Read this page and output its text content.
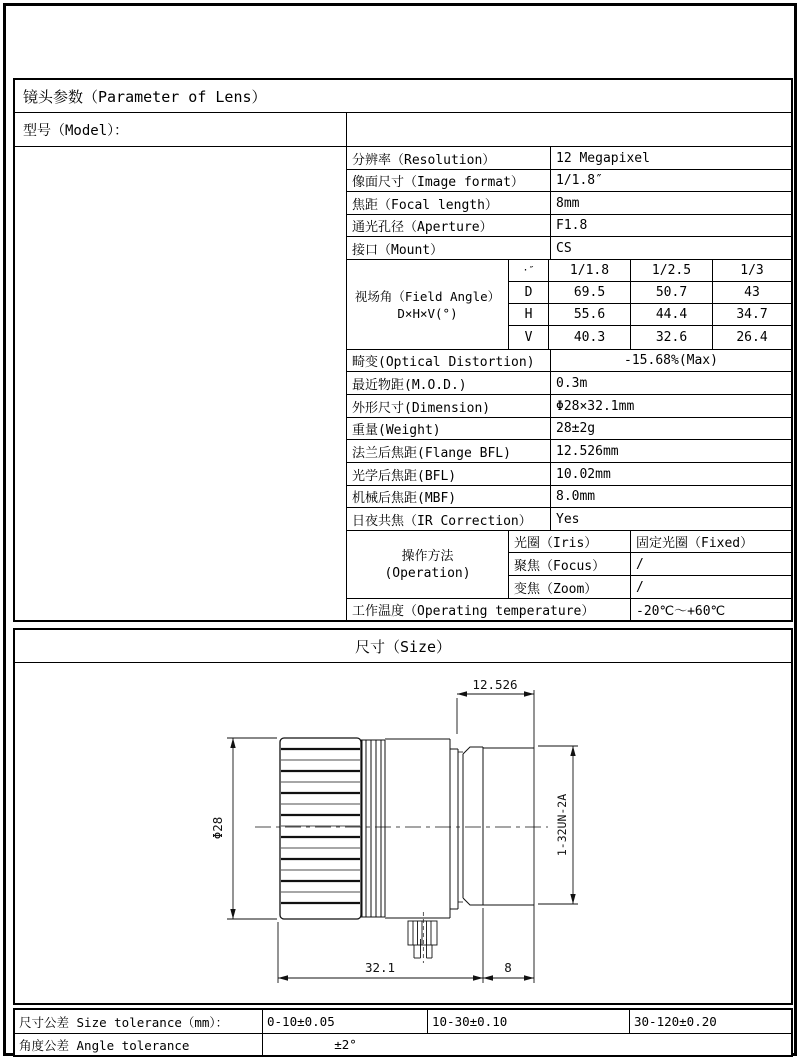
镜头参数（Parameter of Lens）
型号（Model）：
分辨率（Resolution）	12 Megapixel
像面尺寸（Image format）	1/1.8″
焦距（Focal length）	8mm
通光孔径（Aperture）	F1.8
接口（Mount）	CS
视场角（Field Angle）
D×H×V(°)
·″	1/1.8	1/2.5	1/3
D	69.5	50.7	43
H	55.6	44.4	34.7
V	40.3	32.6	26.4
畸变(Optical Distortion)	-15.68%(Max)
最近物距(M.O.D.)	0.3m
外形尺寸(Dimension)	Φ28×32.1mm
重量(Weight)	28±2g
法兰后焦距(Flange BFL)	12.526mm
光学后焦距(BFL)	10.02mm
机械后焦距(MBF)	8.0mm
日夜共焦（IR Correction）	Yes
操作方法
(Operation)
光圈（Iris）	固定光圈（Fixed）
聚焦（Focus）	/
变焦（Zoom）	/
工作温度（Operating temperature）	-20℃～+60℃
尺寸（Size）
12.526
Φ28	1-32UN-2A
32.1	8
尺寸公差 Size tolerance（mm）：	0-10±0.05	10-30±0.10	30-120±0.20
角度公差 Angle tolerance	±2°
